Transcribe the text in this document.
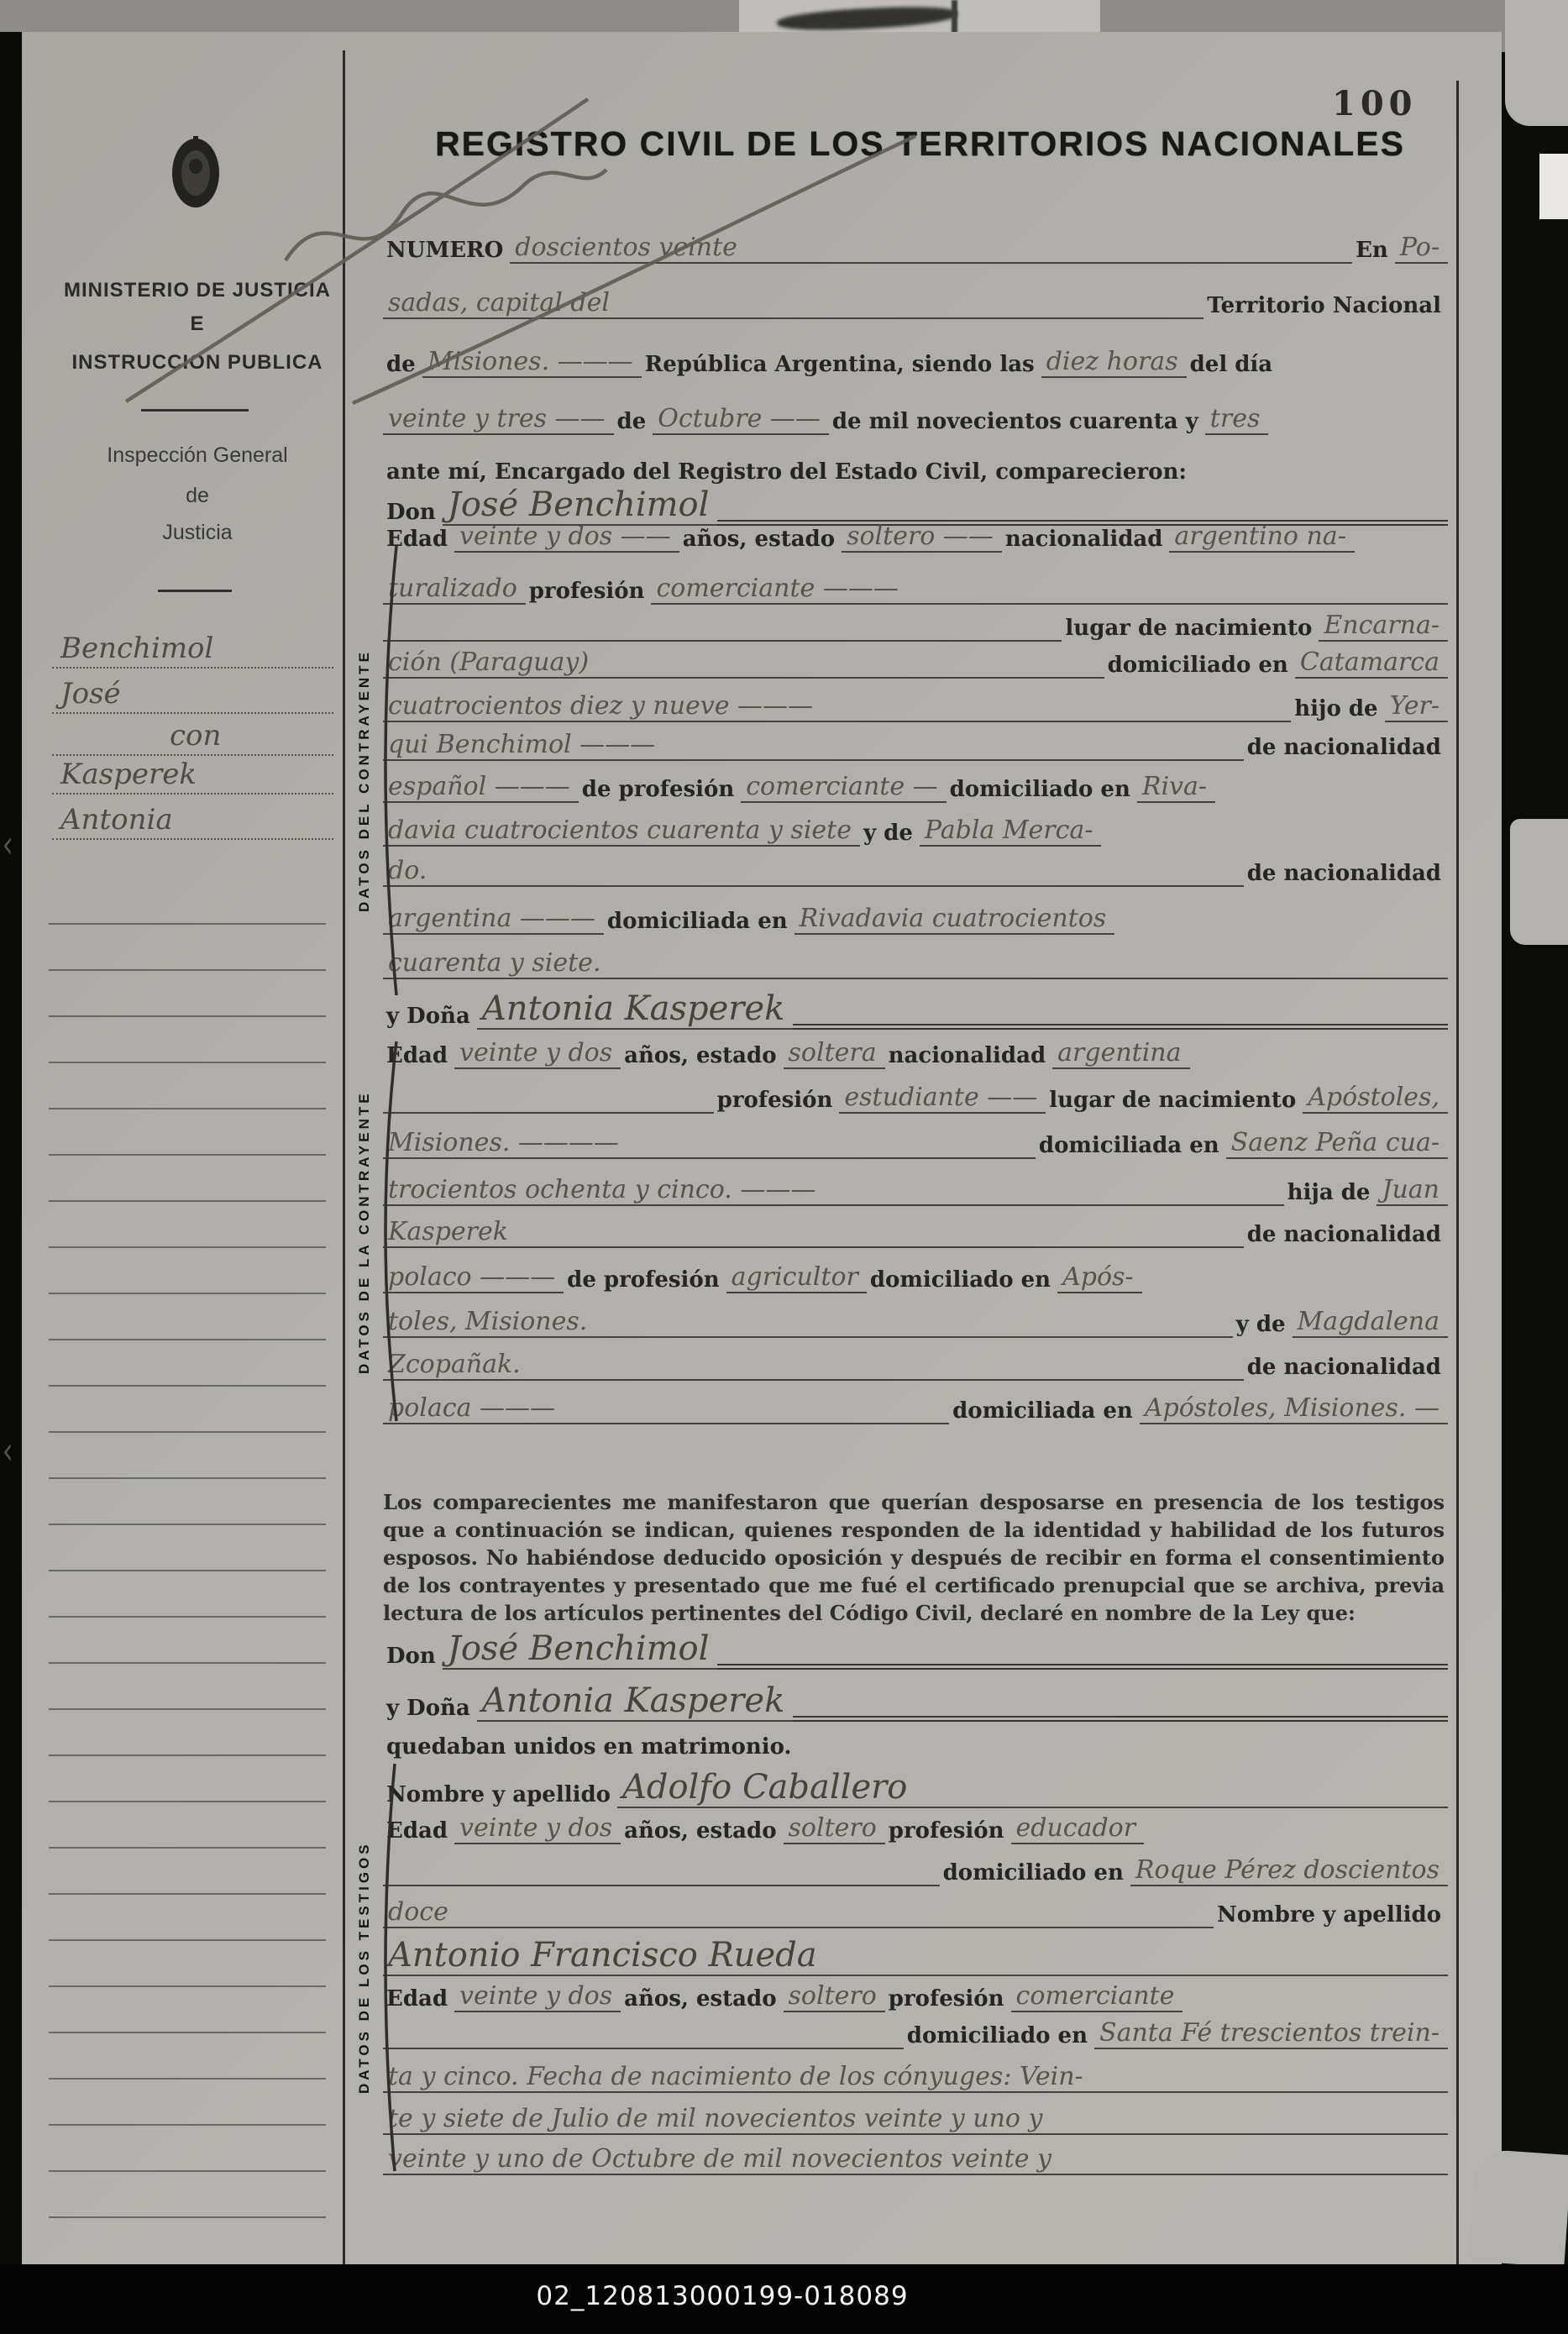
MINISTERIO DE JUSTICIA
E
INSTRUCCION PUBLICA
Inspección General
de
Justicia
Benchimol
José
con
Kasperek
Antonia
‹
‹
REGISTRO CIVIL DE LOS TERRITORIOS NACIONALES
100
NUMERO doscientos veinte	En Po-
sadas, capital del	Territorio Nacional
de Misiones. ——— República Argentina, siendo las diez horas del día
veinte y tres —— de Octubre —— de mil novecientos cuarenta y tres
ante mí, Encargado del Registro del Estado Civil, comparecieron:
Don José Benchimol
Edad veinte y dos —— años, estado soltero —— nacionalidad argentino na-
turalizado profesión comerciante ———
lugar de nacimiento Encarna-
ción (Paraguay)	domiciliado en Catamarca
cuatrocientos diez y nueve ———	hijo de Yer-
qui Benchimol ———	de nacionalidad
español ——— de profesión comerciante — domiciliado en Riva-
davia cuatrocientos cuarenta y siete y de Pabla Merca-
do.	de nacionalidad
argentina ——— domiciliada en Rivadavia cuatrocientos
cuarenta y siete.
y Doña Antonia Kasperek
Edad veinte y dos años, estado soltera nacionalidad argentina
profesión estudiante —— lugar de nacimiento Apóstoles,
Misiones. ————	domiciliada en Saenz Peña cua-
trocientos ochenta y cinco. ———	hija de Juan
Kasperek	de nacionalidad
polaco ——— de profesión agricultor domiciliado en Após-
toles, Misiones.	y de Magdalena
Zcopañak.	de nacionalidad
polaca ———	domiciliada en Apóstoles, Misiones. —
Don José Benchimol
y Doña Antonia Kasperek
quedaban unidos en matrimonio.
Nombre y apellido Adolfo Caballero
Edad veinte y dos años, estado soltero profesión educador
domiciliado en Roque Pérez doscientos
doce	Nombre y apellido
Antonio Francisco Rueda
Edad veinte y dos años, estado soltero profesión comerciante
domiciliado en Santa Fé trescientos trein-
ta y cinco. Fecha de nacimiento de los cónyuges: Vein-
te y siete de Julio de mil novecientos veinte y uno y
veinte y uno de Octubre de mil novecientos veinte y
Los comparecientes me manifestaron que querían desposarse en presencia de los testigos que a continuación se indican, quienes responden de la identidad y habilidad de los futuros esposos. No habiéndose deducido oposición y después de recibir en forma el consentimiento de los contrayentes y presentado que me fué el certificado prenupcial que se archiva, previa lectura de los artículos pertinentes del Código Civil, declaré en nombre de la Ley que:
DATOS DEL CONTRAYENTE
DATOS DE LA CONTRAYENTE
DATOS DE LOS TESTIGOS
02_120813000199-018089
